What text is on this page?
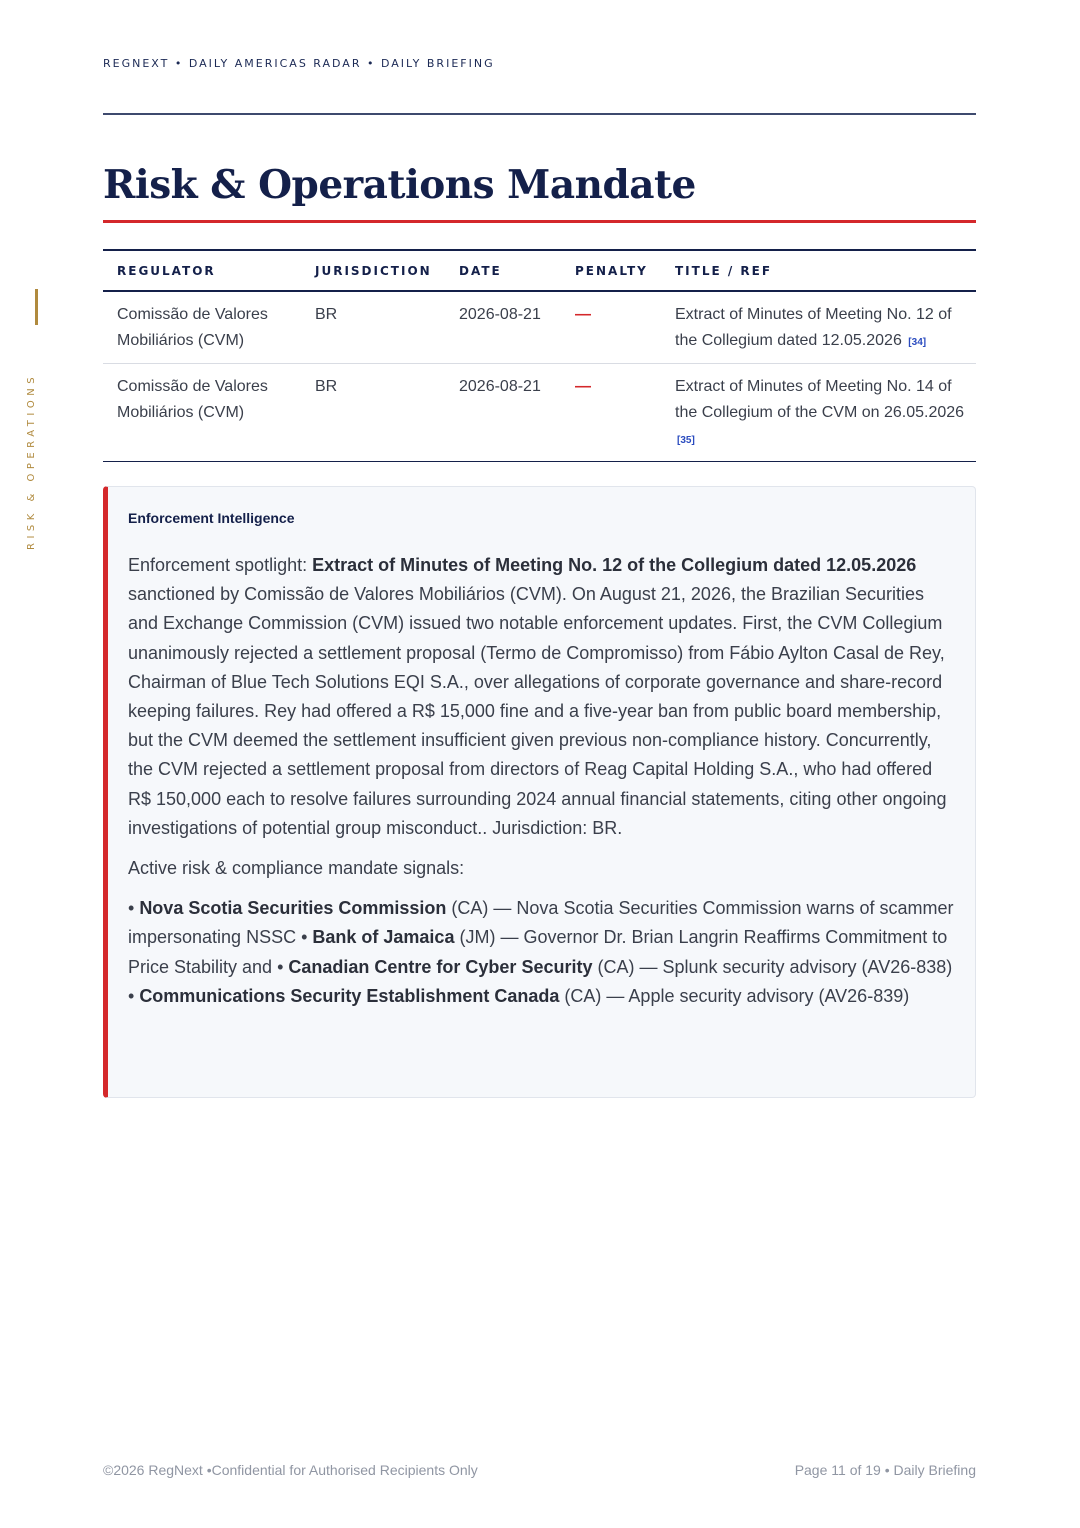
REGNEXT • DAILY AMERICAS RADAR • DAILY BRIEFING
RISK & OPERATIONS
Risk & Operations Mandate
REGULATOR	JURISDICTION	DATE	PENALTY	TITLE / REF
Comissão de Valores
Mobiliários (CVM)	BR	2026-08-21	—	Extract of Minutes of Meeting No. 12 of the Collegium dated 12.05.2026 [34]
Comissão de Valores
Mobiliários (CVM)	BR	2026-08-21	—	Extract of Minutes of Meeting No. 14 of the Collegium of the CVM on 26.05.2026 [35]
Enforcement Intelligence

Enforcement spotlight: Extract of Minutes of Meeting No. 12 of the Collegium dated 12.05.2026 sanctioned by Comissão de Valores Mobiliários (CVM). On August 21, 2026, the Brazilian Securities and Exchange Commission (CVM) issued two notable enforcement updates. First, the CVM Collegium unanimously rejected a settlement proposal (Termo de Compromisso) from Fábio Aylton Casal de Rey, Chairman of Blue Tech Solutions EQI S.A., over allegations of corporate governance and share-record keeping failures. Rey had offered a R$ 15,000 fine and a five-year ban from public board membership, but the CVM deemed the settlement insufficient given previous non-compliance history. Concurrently, the CVM rejected a settlement proposal from directors of Reag Capital Holding S.A., who had offered R$ 150,000 each to resolve failures surrounding 2024 annual financial statements, citing other ongoing investigations of potential group misconduct.. Jurisdiction: BR.

Active risk & compliance mandate signals:

• Nova Scotia Securities Commission (CA) — Nova Scotia Securities Commission warns of scammer impersonating NSSC • Bank of Jamaica (JM) — Governor Dr. Brian Langrin Reaffirms Commitment to Price Stability and • Canadian Centre for Cyber Security (CA) — Splunk security advisory (AV26-838) • Communications Security Establishment Canada (CA) — Apple security advisory (AV26-839)

©2026 RegNext •Confidential for Authorised Recipients Only	Page 11 of 19 • Daily Briefing
